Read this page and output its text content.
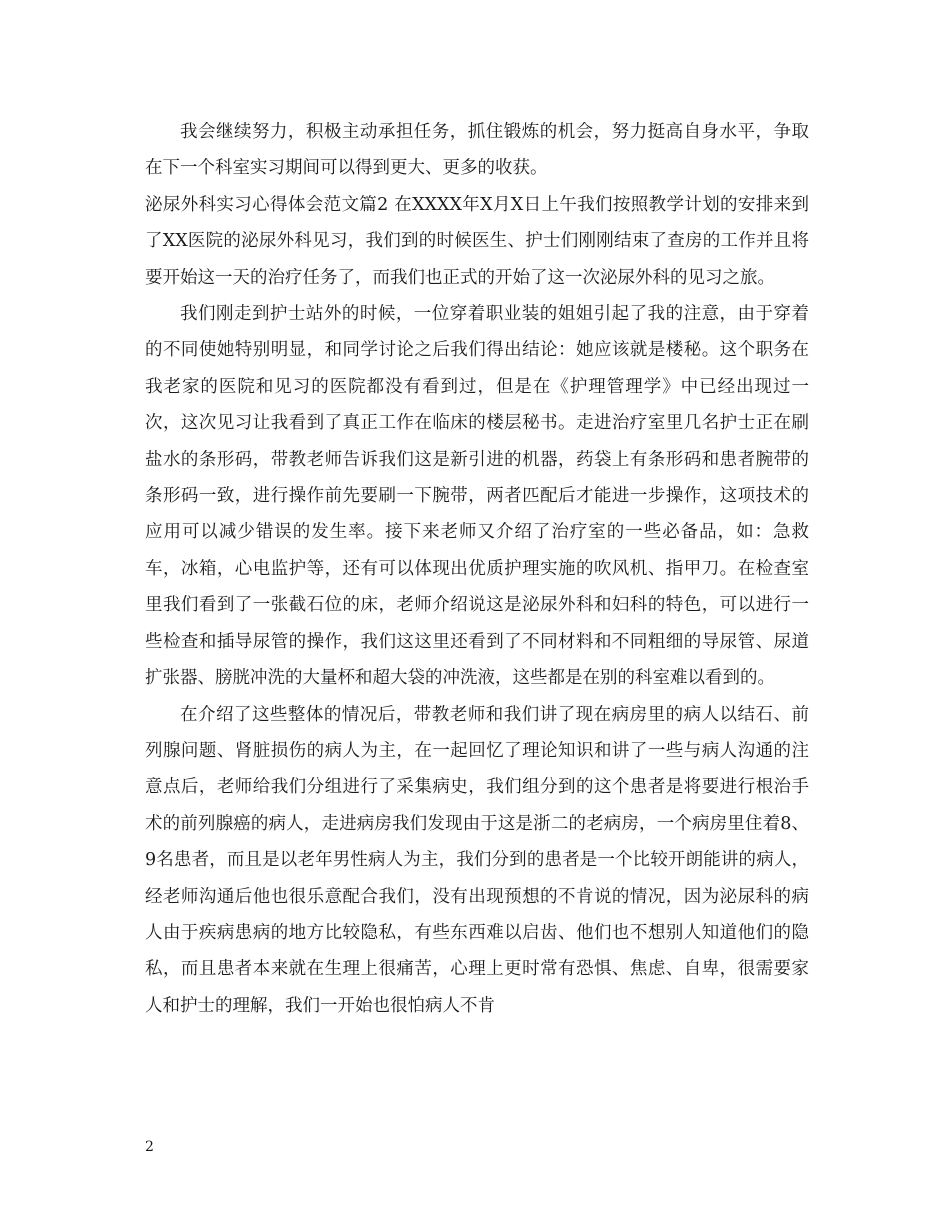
我会继续努力，积极主动承担任务，抓住锻炼的机会，努力挺高自身水平，争取在下一个科室实习期间可以得到更大、更多的收获。

泌尿外科实习心得体会范文篇2 在XXXX年X月X日上午我们按照教学计划的安排来到了XX医院的泌尿外科见习，我们到的时候医生、护士们刚刚结束了查房的工作并且将要开始这一天的治疗任务了，而我们也正式的开始了这一次泌尿外科的见习之旅。

我们刚走到护士站外的时候，一位穿着职业装的姐姐引起了我的注意，由于穿着的不同使她特别明显，和同学讨论之后我们得出结论：她应该就是楼秘。这个职务在我老家的医院和见习的医院都没有看到过，但是在《护理管理学》中已经出现过一次，这次见习让我看到了真正工作在临床的楼层秘书。走进治疗室里几名护士正在刷盐水的条形码，带教老师告诉我们这是新引进的机器，药袋上有条形码和患者腕带的条形码一致，进行操作前先要刷一下腕带，两者匹配后才能进一步操作，这项技术的应用可以减少错误的发生率。接下来老师又介绍了治疗室的一些必备品，如：急救车，冰箱，心电监护等，还有可以体现出优质护理实施的吹风机、指甲刀。在检查室里我们看到了一张截石位的床，老师介绍说这是泌尿外科和妇科的特色，可以进行一些检查和插导尿管的操作，我们这这里还看到了不同材料和不同粗细的导尿管、尿道扩张器、膀胱冲洗的大量杯和超大袋的冲洗液，这些都是在别的科室难以看到的。

在介绍了这些整体的情况后，带教老师和我们讲了现在病房里的病人以结石、前列腺问题、肾脏损伤的病人为主，在一起回忆了理论知识和讲了一些与病人沟通的注意点后，老师给我们分组进行了采集病史，我们组分到的这个患者是将要进行根治手术的前列腺癌的病人，走进病房我们发现由于这是浙二的老病房，一个病房里住着8、9名患者，而且是以老年男性病人为主，我们分到的患者是一个比较开朗能讲的病人，经老师沟通后他也很乐意配合我们，没有出现预想的不肯说的情况，因为泌尿科的病人由于疾病患病的地方比较隐私，有些东西难以启齿、他们也不想别人知道他们的隐私，而且患者本来就在生理上很痛苦，心理上更时常有恐惧、焦虑、自卑，很需要家人和护士的理解，我们一开始也很怕病人不肯

2
